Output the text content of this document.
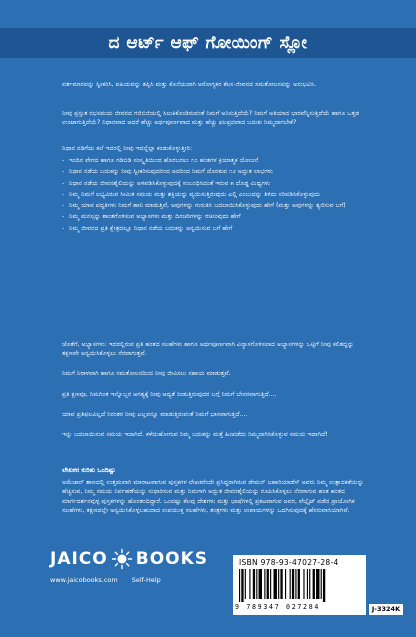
ದ ಆರ್ಟ್ ಆಫ್ ಗೋಯಿಂಗ್ ಸ್ಲೋ

ವರ್ತಮಾನವನ್ನು ಸ್ವೀಕರಿಸಿ, ಐಹಿಯವನ್ನು ತಪ್ಪಿಸಿ ಮತ್ತು ಕೊನೆಯದಾಗಿ ಆರೋಗ್ಯಕರ ಕೆಲಸ-ಜೀವನದ ಸಮತೋಲನವನ್ನು ಅನುಭವಿಸಿ.

ನೀವು ಪ್ರಸ್ತುತ ರಭಸಮಯ ಜೀವನದ ಗಜಿಬಿಜಿಯಲ್ಲಿ ಸಿಲುಕಿಕೊಂಡಿರುವಂತೆ ನಿಮಗೆ ಅನಿಸುತ್ತಿದೆಯೆ? ನಿಮಗೆ ಅತಿಯಾದ ಭಾರವೆನ್ನಿಸುತ್ತಿದೆಯೆ ಹಾಗೂ ಒತ್ತಡ ಉಂಟಾಗುತ್ತಿದೆಯೆ? ನಿಧಾನವಾದ ಆದರೆ ಹೆಚ್ಚು ಅರ್ಥಪೂರ್ಣವಾದ ಮತ್ತು ಹೆಚ್ಚು ಫಲಪ್ರದವಾದ ಬದುಕು ನಿಮ್ಮದಾಗಬೇಕೆ?

ನಿಧಾನ ನಡಿಗೆಯ ಕಲೆ ಇದರಲ್ಲಿ ನೀವು ಇದನ್ನೆಲ್ಲಾ ಕಂಡುಕೊಳ್ಳುತ್ತೀರಿ:

- ಇಂದಿನ ವೇಗದ ಹಾಗೂ ಗಡಿಬಿಡಿ ಸಂಸ್ಕೃತಿಯಿಂದ ಹೊರಬರಲು ೧೦ ಹಂತಗಳ ಕ್ರಿಯಾತ್ಮಕ ಯೋಜನೆ
- ನಿಧಾನ ನಡೆಯ ಬದುಕನ್ನು ನೀವು ಸ್ವೀಕರಿಸುವುದರಿಂದ ಅದರಿಂದ ನಿಮಗೆ ದೊರಕುವ ೧೨ ಅದ್ಭುತ ಲಾಭಗಳು
- ನಿಧಾನ ನಡೆಯ ಜೀವನಶೈಲಿಯನ್ನು ಅಳವಡಿಸಿಕೊಳ್ಳುವುದಕ್ಕೆ ಸಂಬಂಧಿಸಿದಂತೆ ಇರುವ ೫ ದೊಡ್ಡ ಮಿಥ್ಯಗಳು
- ನಿಮ್ಮ ನಿಮಗೆ ಲಭ್ಯವಿರುವ ಸೀಮಿತ ಸಮಯ ಮತ್ತು ಶಕ್ತಿಯನ್ನು ವ್ಯಯಿಸುತ್ತಿರುವುದು ಎಲ್ಲಿ ಎಂಬುದನ್ನು ತಿಳಿದು ಸರಿಪಡಿಸಿಕೊಳ್ಳುವುದು
- ನಿಮ್ಮ ಯಾವ ಪದ್ಧತಿಗಳು ನಿಮಗೆ ಹಾನಿ ಮಾಡುತ್ತಿವೆ, ಅವುಗಳನ್ನು ಗುರುತಿಸಿ ಬದಲಾಯಿಸಿಕೊಳ್ಳುವುದು ಹೇಗೆ (ಮತ್ತು ಅವುಗಳನ್ನು ತ್ಯಜಿಸುವ ಬಗೆ)
- ನಿಮ್ಮ ಮನಸ್ಸನ್ನು ಶಾಂತಗೊಳಿಸುವ ಅಭ್ಯಾಸಗಳು ಮತ್ತು ದಿನಚರಿಗಳನ್ನು ರಚಿಸುವುದು ಹೇಗೆ
- ನಿಮ್ಮ ಜೀವನದ ಪ್ರತಿ ಕ್ಷೇತ್ರದಲ್ಲೂ ನಿಧಾನ ನಡೆಯ ಬದುಕನ್ನು ಅನ್ವಯಿಸುವ ಬಗೆ ಹೇಗೆ

ಜೊತೆಗೆ, ಅಭ್ಯಾಸಗಳು: ಇದರಲ್ಲಿರುವ ಪ್ರತಿ ಹಂತದ ಸಲಹೆಗಳು ಹಾಗೂ ಅರ್ಥಪೂರ್ಣವಾಗಿ ವಿನ್ಯಾಸಗೊಳಿಸಲಾದ ಅಭ್ಯಾಸಗಳನ್ನು ಒಟ್ಟಿಗೆ ನೀವು ಕಲಿತದ್ದನ್ನು ತಕ್ಷಣವೇ ಅನ್ವಯಿಸಿಕೊಳ್ಳಲು ನೆರವಾಗುತ್ತವೆ.

ನಿಮಗೆ ನಿರಾಳವಾಗಿ ಹಾಗೂ ಸಮತೋಲನದಿಂದ ನೀವು ಜೀವಿಸಲು ಸಹಾಯ ಮಾಡುತ್ತವೆ.

ಪ್ರತಿ ಕ್ಷಣವೂ, ನಿಮಗಿಂತ ಇನ್ನೊಬ್ಬರ ಅಗತ್ಯಕ್ಕೆ ನೀವು ಆದ್ಯತೆ ನೀಡುತ್ತಿರುವುದರ ಬಗ್ಗೆ ನಿಮಗೆ ಬೇಸರವಾಗುತ್ತಿದೆ....

ಯಾವ ಪ್ರತಿಫಲವಿಲ್ಲದೆ ನಿರಂತರ ನೀವು ಎಲ್ಲವನ್ನೂ ಮಾಡುತ್ತಿರುವಂತೆ ನಿಮಗೆ ಭಾಸವಾಗುತ್ತಿದೆ....

ಇನ್ನು ಬದಲಾಯಿಸುವ ಸಮಯ ಇದಾಗಿದೆ. ಕಳೆದುಹೋಗುವ ನಿಮ್ಮ ಬದುಕನ್ನು ಮತ್ತೆ ಹಿಂಪಡೆದು ನಿಮ್ಮದಾಗಿಸಿಕೊಳ್ಳುವ ಸಮಯ ಇದಾಗಿದೆ!

ಲೇಖಕರ ಕುರಿತು ಒಂದಿಷ್ಟು

ಅಮೆಜಾನ್ ತಾಣದಲ್ಲಿ ಉತ್ತಮವಾಗಿ ಮಾರಾಟವಾಗುವ ಪುಸ್ತಕಗಳ ಲೇಖಕರೆಂದೇ ಪ್ರಸಿದ್ಧರಾಗಿರುವ ಡೇಮನ್ ಜಹಾರಿಯಾಡೆಸ್ ಅವರು ನಿಮ್ಮ ಉತ್ಪಾದಕತೆಯನ್ನು ಹೆಚ್ಚಿಸುವ, ನಿಮ್ಮ ಸಮಯ ನಿರ್ವಹಣೆಯನ್ನು ಸುಧಾರಿಸುವ ಮತ್ತು ನಿಮಗಾಗಿ ಅದ್ಭುತ ಜೀವನಶೈಲಿಯನ್ನು ರೂಪಿಸಿಕೊಳ್ಳಲು ನೆರವಾಗುವ ಹಂತ ಹಂತದ ಮಾರ್ಗದರ್ಶನವುಳ್ಳ ಪುಸ್ತಕಗಳನ್ನು ಹೊರತಂದಿದ್ದಾರೆ. ಒಂದಷ್ಟು ಕೆಲವು ದೇಶಗಳು ಮತ್ತು ಭಾಷೆಗಳಲ್ಲಿ ಪ್ರಕಟವಾಗುವ ಅವರ, ವೆಬ್ಸೈಟ್ ಪಡೆದ ಪ್ರಾಯೋಗಿಕ ಸಲಹೆಗಳು, ತಕ್ಷಣದಲ್ಲೇ ಅನ್ವಯಿಸಿಕೊಳ್ಳಬಹುದಾದ ಉಪಯುಕ್ತ ಸಲಹೆಗಳು, ತಂತ್ರಗಳು ಮತ್ತು ಉಪಾಯಗಳನ್ನು ಒದಗಿಸುವುದಕ್ಕೆ ಹೆಸರುವಾಸಿಯಾಗಿವೆ.

JAICO BOOKS
www.jaicobooks.com Self-Help
ISBN 978-93-47027-28-4
9 789347 027284	J-3324K
